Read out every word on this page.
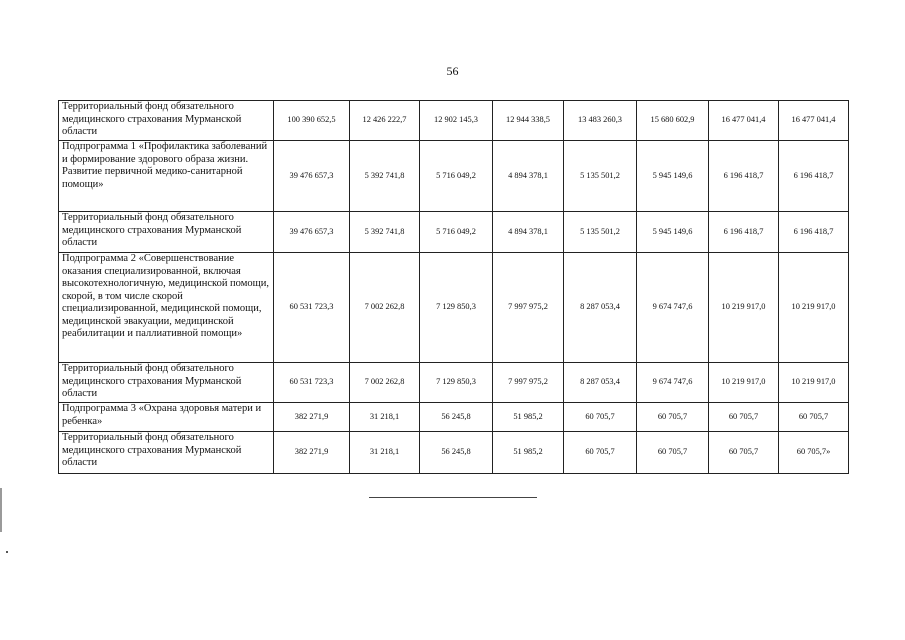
56
Территориальный фонд обязательного медицинского страхования Мурманской области	100 390 652,5	12 426 222,7	12 902 145,3	12 944 338,5	13 483 260,3	15 680 602,9	16 477 041,4	16 477 041,4
Подпрограмма 1 «Профилактика заболеваний и формирование здорового образа жизни. Развитие первичной медико-санитарной помощи»	39 476 657,3	5 392 741,8	5 716 049,2	4 894 378,1	5 135 501,2	5 945 149,6	6 196 418,7	6 196 418,7
Территориальный фонд обязательного медицинского страхования Мурманской области	39 476 657,3	5 392 741,8	5 716 049,2	4 894 378,1	5 135 501,2	5 945 149,6	6 196 418,7	6 196 418,7
Подпрограмма 2 «Совершенствование оказания специализированной, включая высокотехнологичную, медицинской помощи, скорой, в том числе скорой специализированной, медицинской помощи, медицинской эвакуации, медицинской реабилитации и паллиативной помощи»	60 531 723,3	7 002 262,8	7 129 850,3	7 997 975,2	8 287 053,4	9 674 747,6	10 219 917,0	10 219 917,0
Территориальный фонд обязательного медицинского страхования Мурманской области	60 531 723,3	7 002 262,8	7 129 850,3	7 997 975,2	8 287 053,4	9 674 747,6	10 219 917,0	10 219 917,0
Подпрограмма 3 «Охрана здоровья матери и ребенка»	382 271,9	31 218,1	56 245,8	51 985,2	60 705,7	60 705,7	60 705,7	60 705,7
Территориальный фонд обязательного медицинского страхования Мурманской области	382 271,9	31 218,1	56 245,8	51 985,2	60 705,7	60 705,7	60 705,7	60 705,7»
